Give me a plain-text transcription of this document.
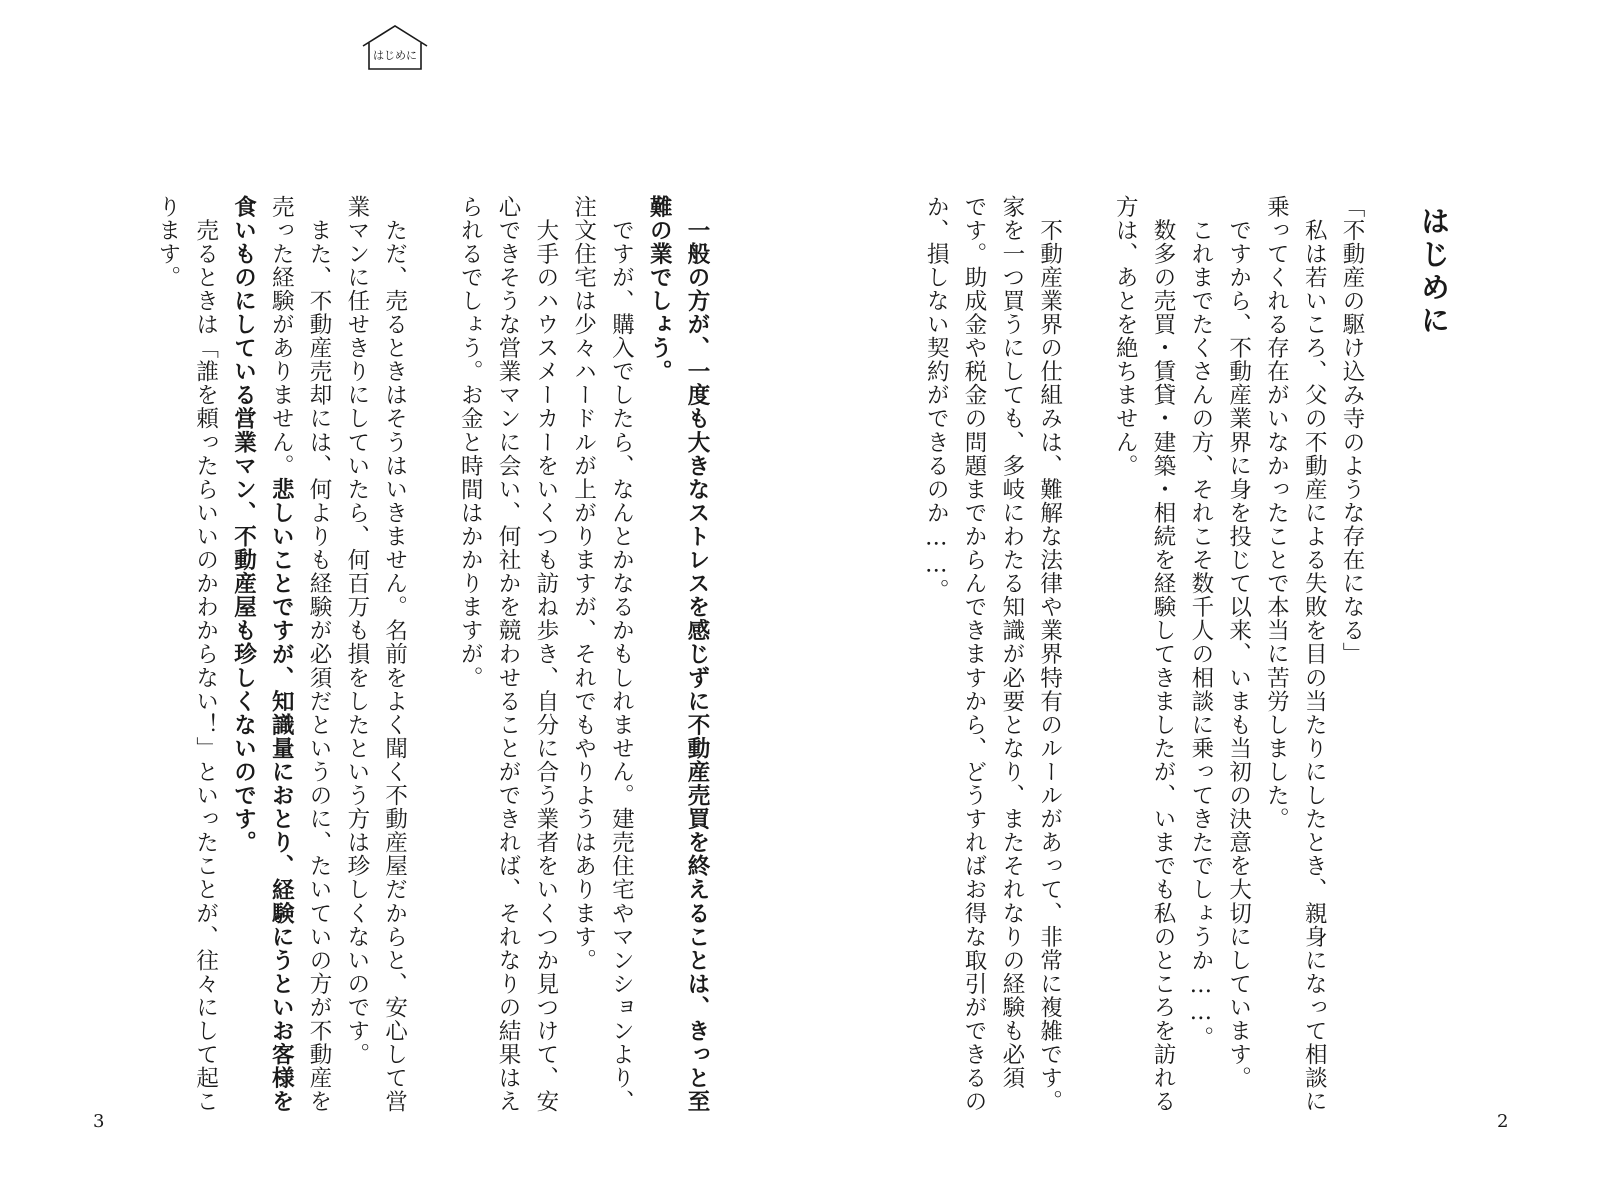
はじめに
はじめに

「不動産の駆け込み寺のような存在になる」

　私は若いころ、父の不動産による失敗を目の当たりにしたとき、親身になって相談に

乗ってくれる存在がいなかったことで本当に苦労しました。

　ですから、不動産業界に身を投じて以来、いまも当初の決意を大切にしています。

　これまでたくさんの方、それこそ数千人の相談に乗ってきたでしょうか……。

　数多の売買・賃貸・建築・相続を経験してきましたが、いまでも私のところを訪れる

方は、あとを絶ちません。

　不動産業界の仕組みは、難解な法律や業界特有のルールがあって、非常に複雑です。

家を一つ買うにしても、多岐にわたる知識が必要となり、またそれなりの経験も必須

です。助成金や税金の問題までからんできますから、どうすればお得な取引ができるの

か、損しない契約ができるのか……。

　一般の方が、一度も大きなストレスを感じずに不動産売買を終えることは、きっと至

難の業でしょう。

　ですが、購入でしたら、なんとかなるかもしれません。建売住宅やマンションより、

注文住宅は少々ハードルが上がりますが、それでもやりようはあります。

　大手のハウスメーカーをいくつも訪ね歩き、自分に合う業者をいくつか見つけて、安

心できそうな営業マンに会い、何社かを競わせることができれば、それなりの結果はえ

られるでしょう。お金と時間はかかりますが。

　ただ、売るときはそうはいきません。名前をよく聞く不動産屋だからと、安心して営

業マンに任せきりにしていたら、何百万も損をしたという方は珍しくないのです。

　また、不動産売却には、何よりも経験が必須だというのに、たいていの方が不動産を

売った経験がありません。悲しいことですが、知識量におとり、経験にうといお客様を

食いものにしている営業マン、不動産屋も珍しくないのです。

　売るときは「誰を頼ったらいいのかわからない！」といったことが、往々にして起こ

ります。

2
3
